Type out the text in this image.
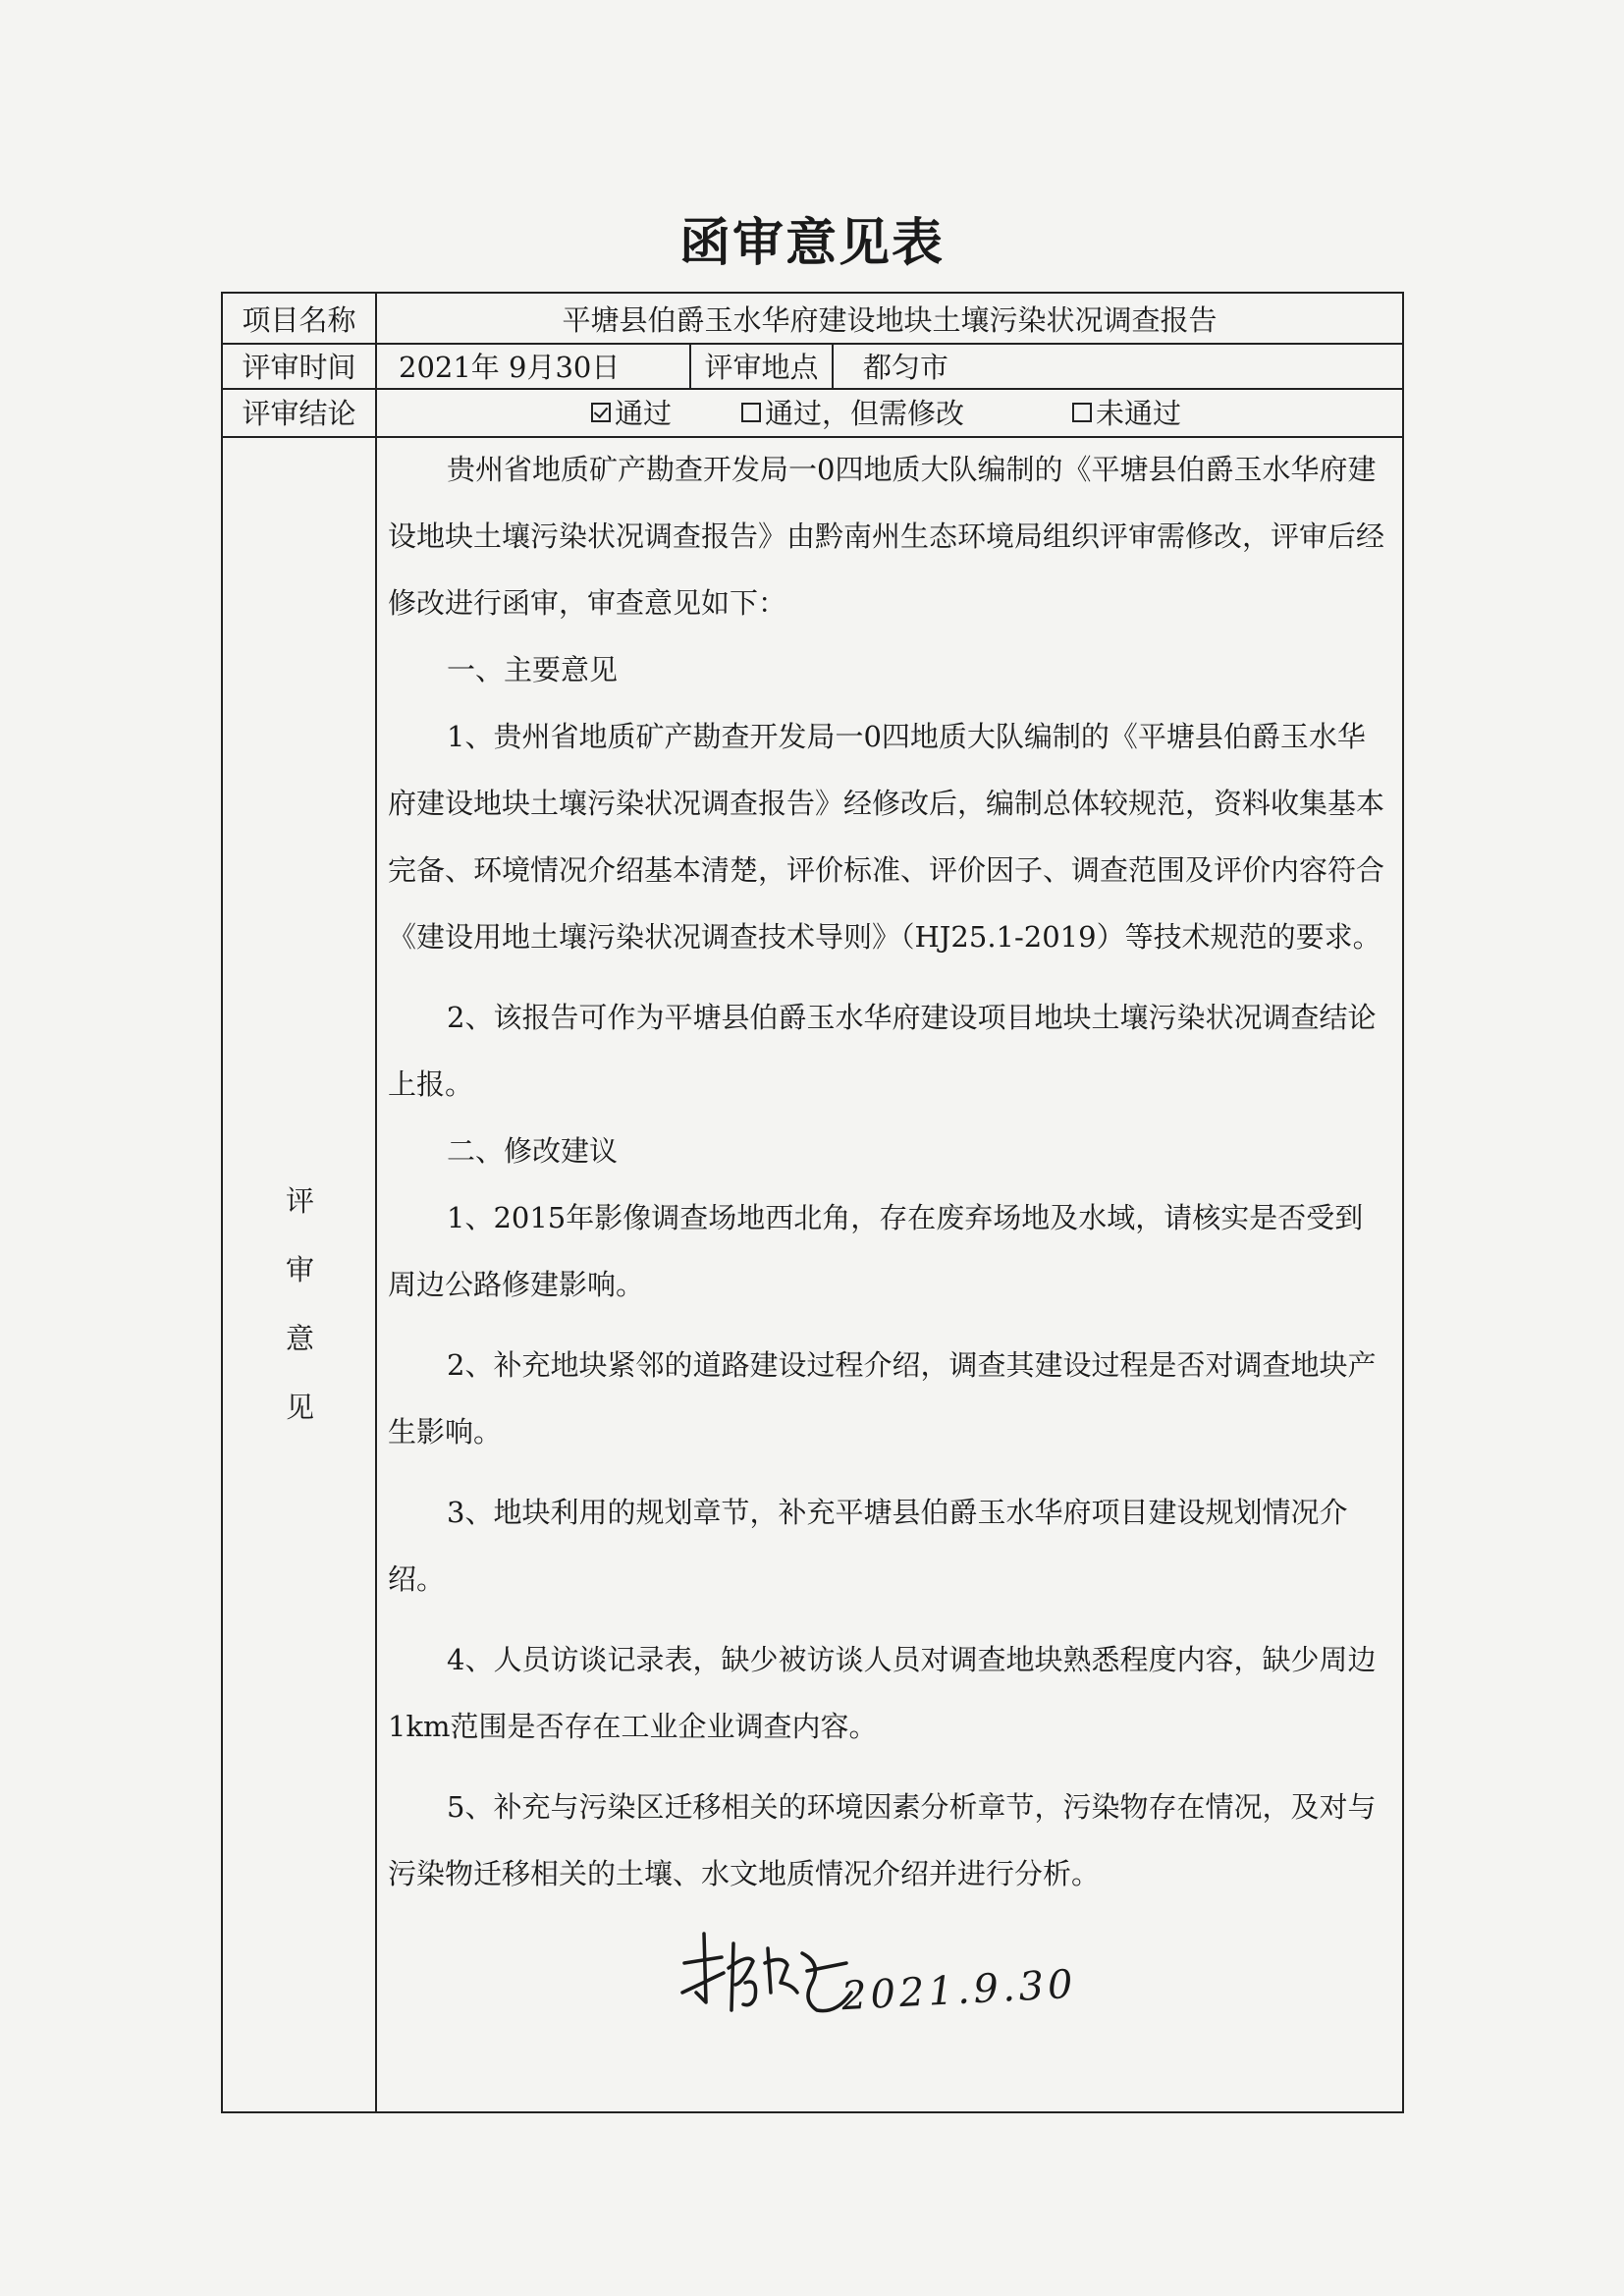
函审意见表
项目名称	平塘县伯爵玉水华府建设地块土壤污染状况调查报告
评审时间	2021年 9月30日	评审地点	都匀市
评审结论	通过	通过，但需修改	未通过
评
审
意
见

贵州省地质矿产勘查开发局一0四地质大队编制的《平塘县伯爵玉水华府建设地块土壤污染状况调查报告》由黔南州生态环境局组织评审需修改，评审后经修改进行函审，审查意见如下：

一、主要意见

1、贵州省地质矿产勘查开发局一0四地质大队编制的《平塘县伯爵玉水华府建设地块土壤污染状况调查报告》经修改后，编制总体较规范，资料收集基本完备、环境情况介绍基本清楚，评价标准、评价因子、调查范围及评价内容符合《建设用地土壤污染状况调查技术导则》（HJ25.1-2019）等技术规范的要求。

2、该报告可作为平塘县伯爵玉水华府建设项目地块土壤污染状况调查结论上报。

二、修改建议

1、2015年影像调查场地西北角，存在废弃场地及水域，请核实是否受到周边公路修建影响。

2、补充地块紧邻的道路建设过程介绍，调查其建设过程是否对调查地块产生影响。

3、地块利用的规划章节，补充平塘县伯爵玉水华府项目建设规划情况介绍。

4、人员访谈记录表，缺少被访谈人员对调查地块熟悉程度内容，缺少周边1km范围是否存在工业企业调查内容。

5、补充与污染区迁移相关的环境因素分析章节，污染物存在情况，及对与污染物迁移相关的土壤、水文地质情况介绍并进行分析。

2021.9.30
